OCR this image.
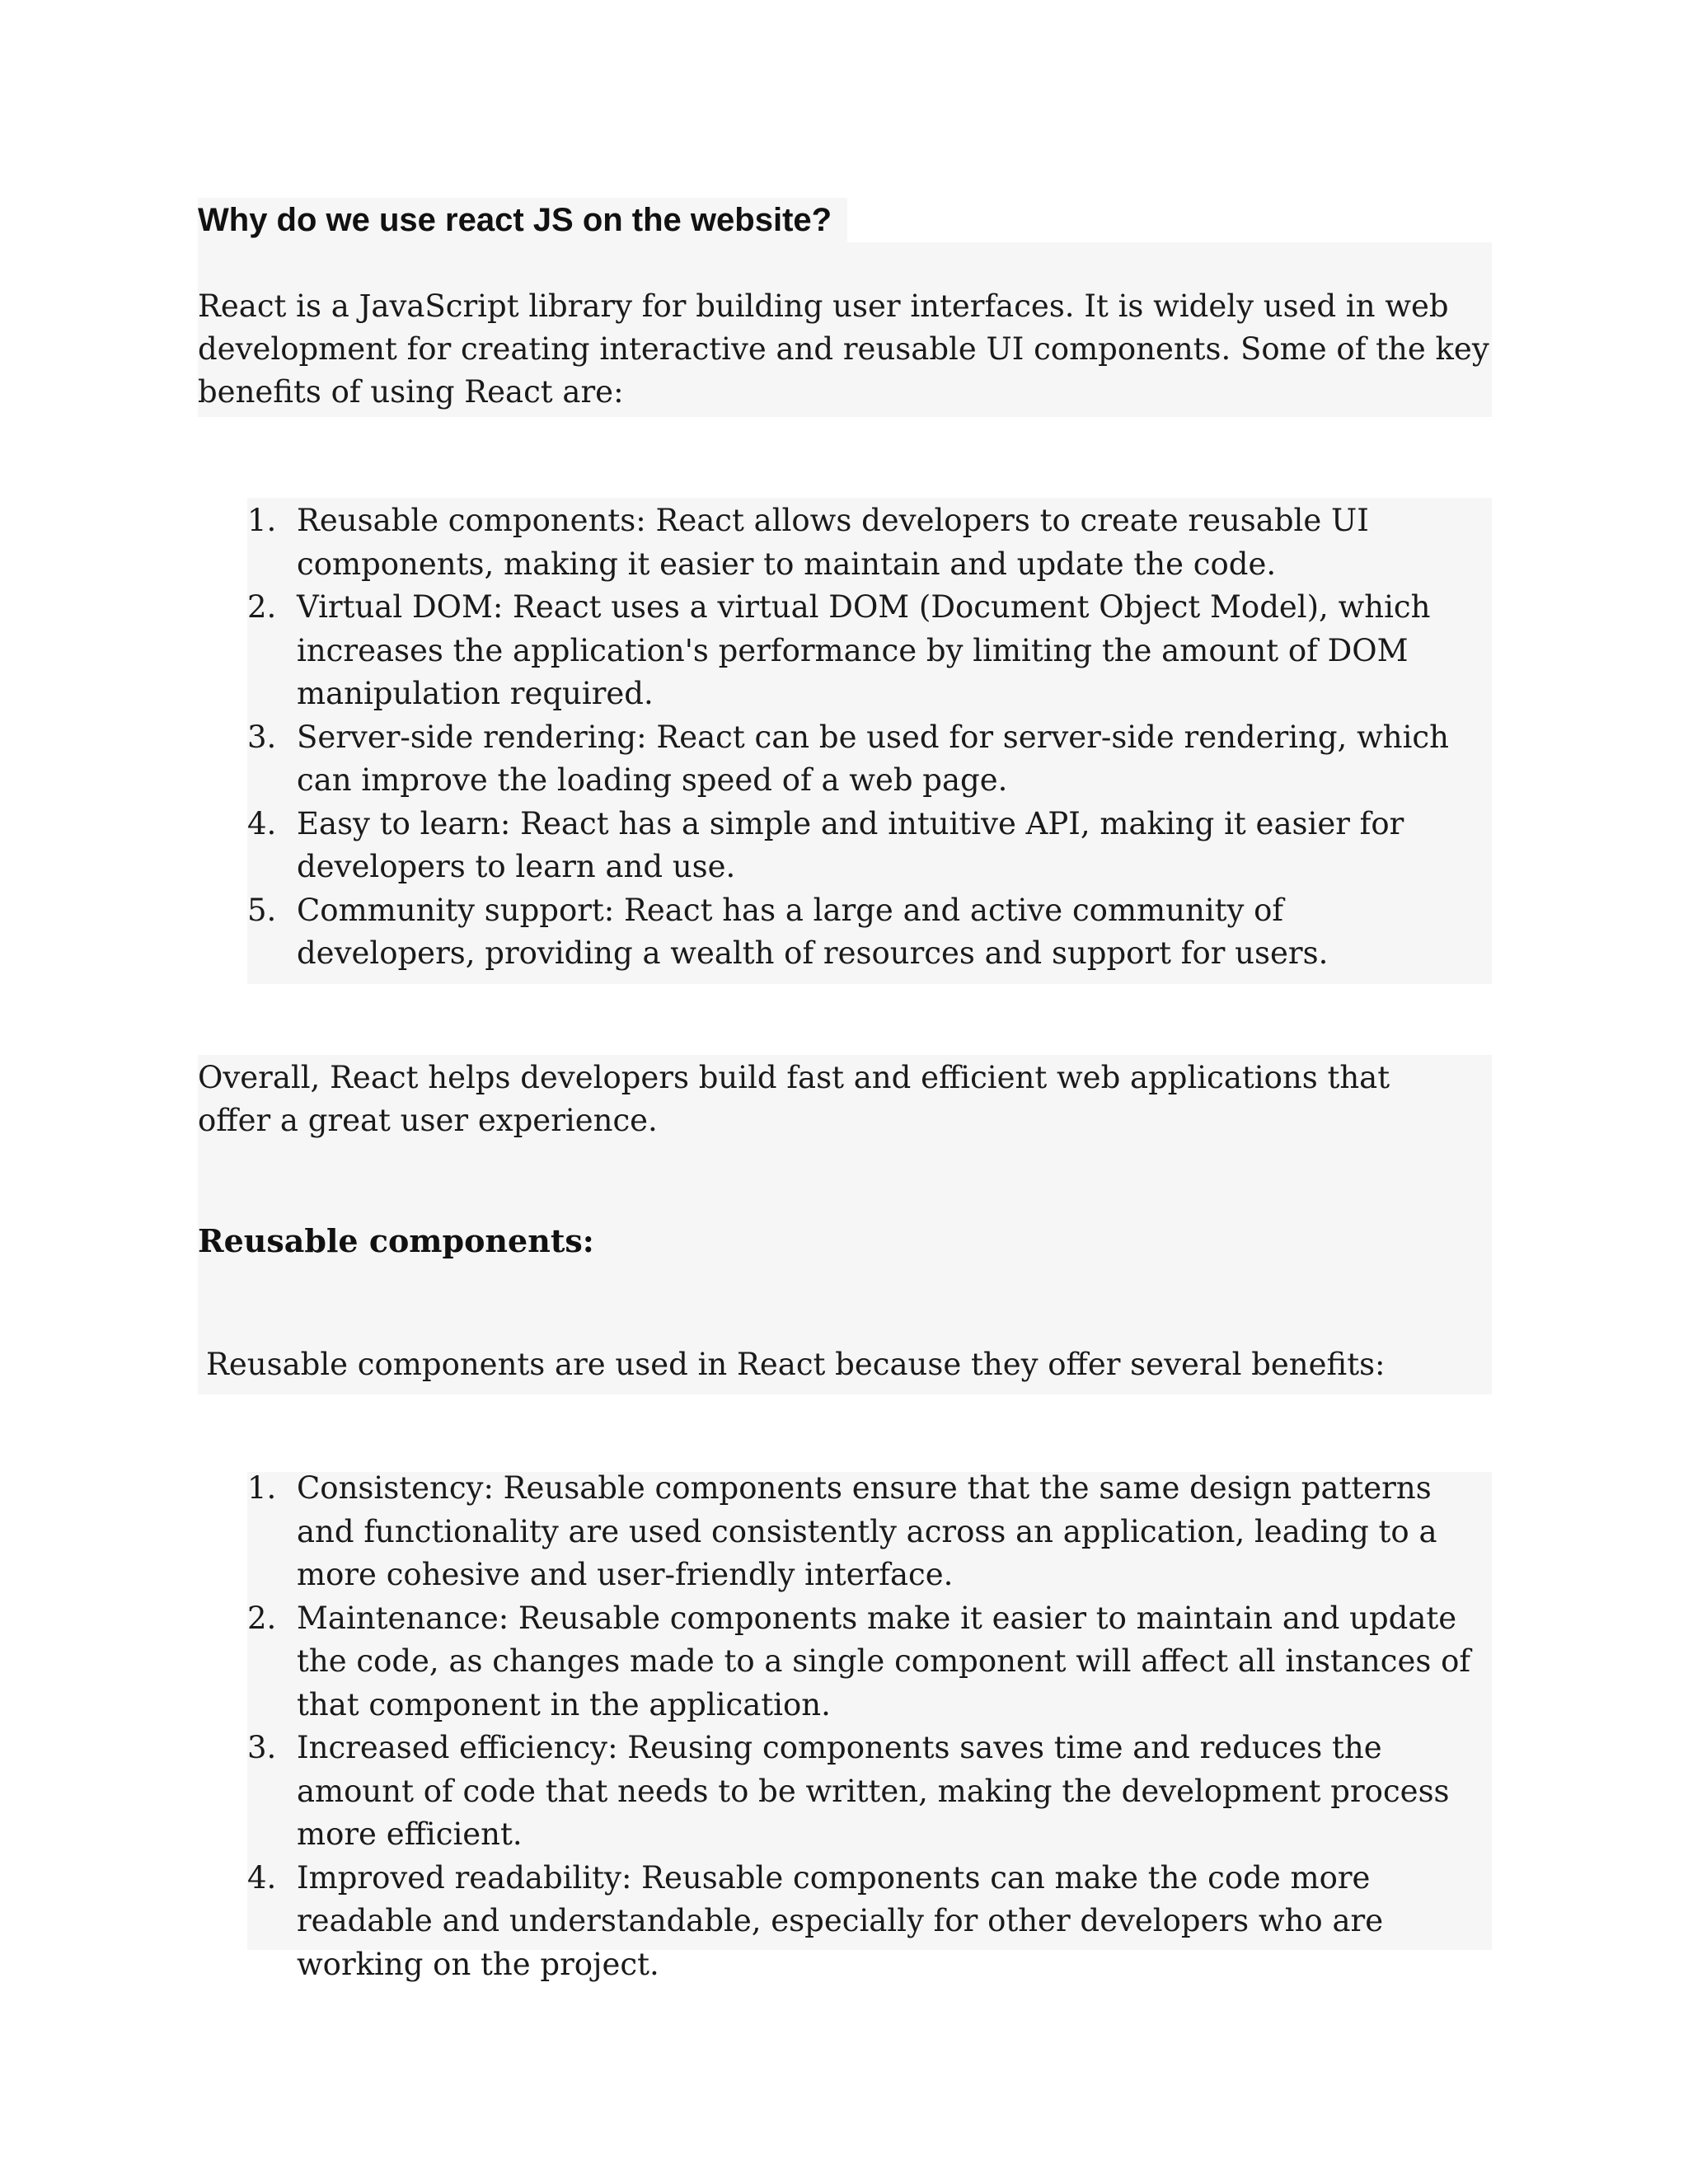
Why do we use react JS on the website?

React is a JavaScript library for building user interfaces. It is widely used in web development for creating interactive and reusable UI components. Some of the key benefits of using React are:

1. Reusable components: React allows developers to create reusable UI components, making it easier to maintain and update the code.
2. Virtual DOM: React uses a virtual DOM (Document Object Model), which increases the application's performance by limiting the amount of DOM manipulation required.
3. Server-side rendering: React can be used for server-side rendering, which can improve the loading speed of a web page.
4. Easy to learn: React has a simple and intuitive API, making it easier for developers to learn and use.
5. Community support: React has a large and active community of developers, providing a wealth of resources and support for users.

Overall, React helps developers build fast and efficient web applications that offer a great user experience.

Reusable components:

Reusable components are used in React because they offer several benefits:

1. Consistency: Reusable components ensure that the same design patterns and functionality are used consistently across an application, leading to a more cohesive and user-friendly interface.
2. Maintenance: Reusable components make it easier to maintain and update the code, as changes made to a single component will affect all instances of that component in the application.
3. Increased efficiency: Reusing components saves time and reduces the amount of code that needs to be written, making the development process more efficient.
4. Improved readability: Reusable components can make the code more readable and understandable, especially for other developers who are working on the project.
